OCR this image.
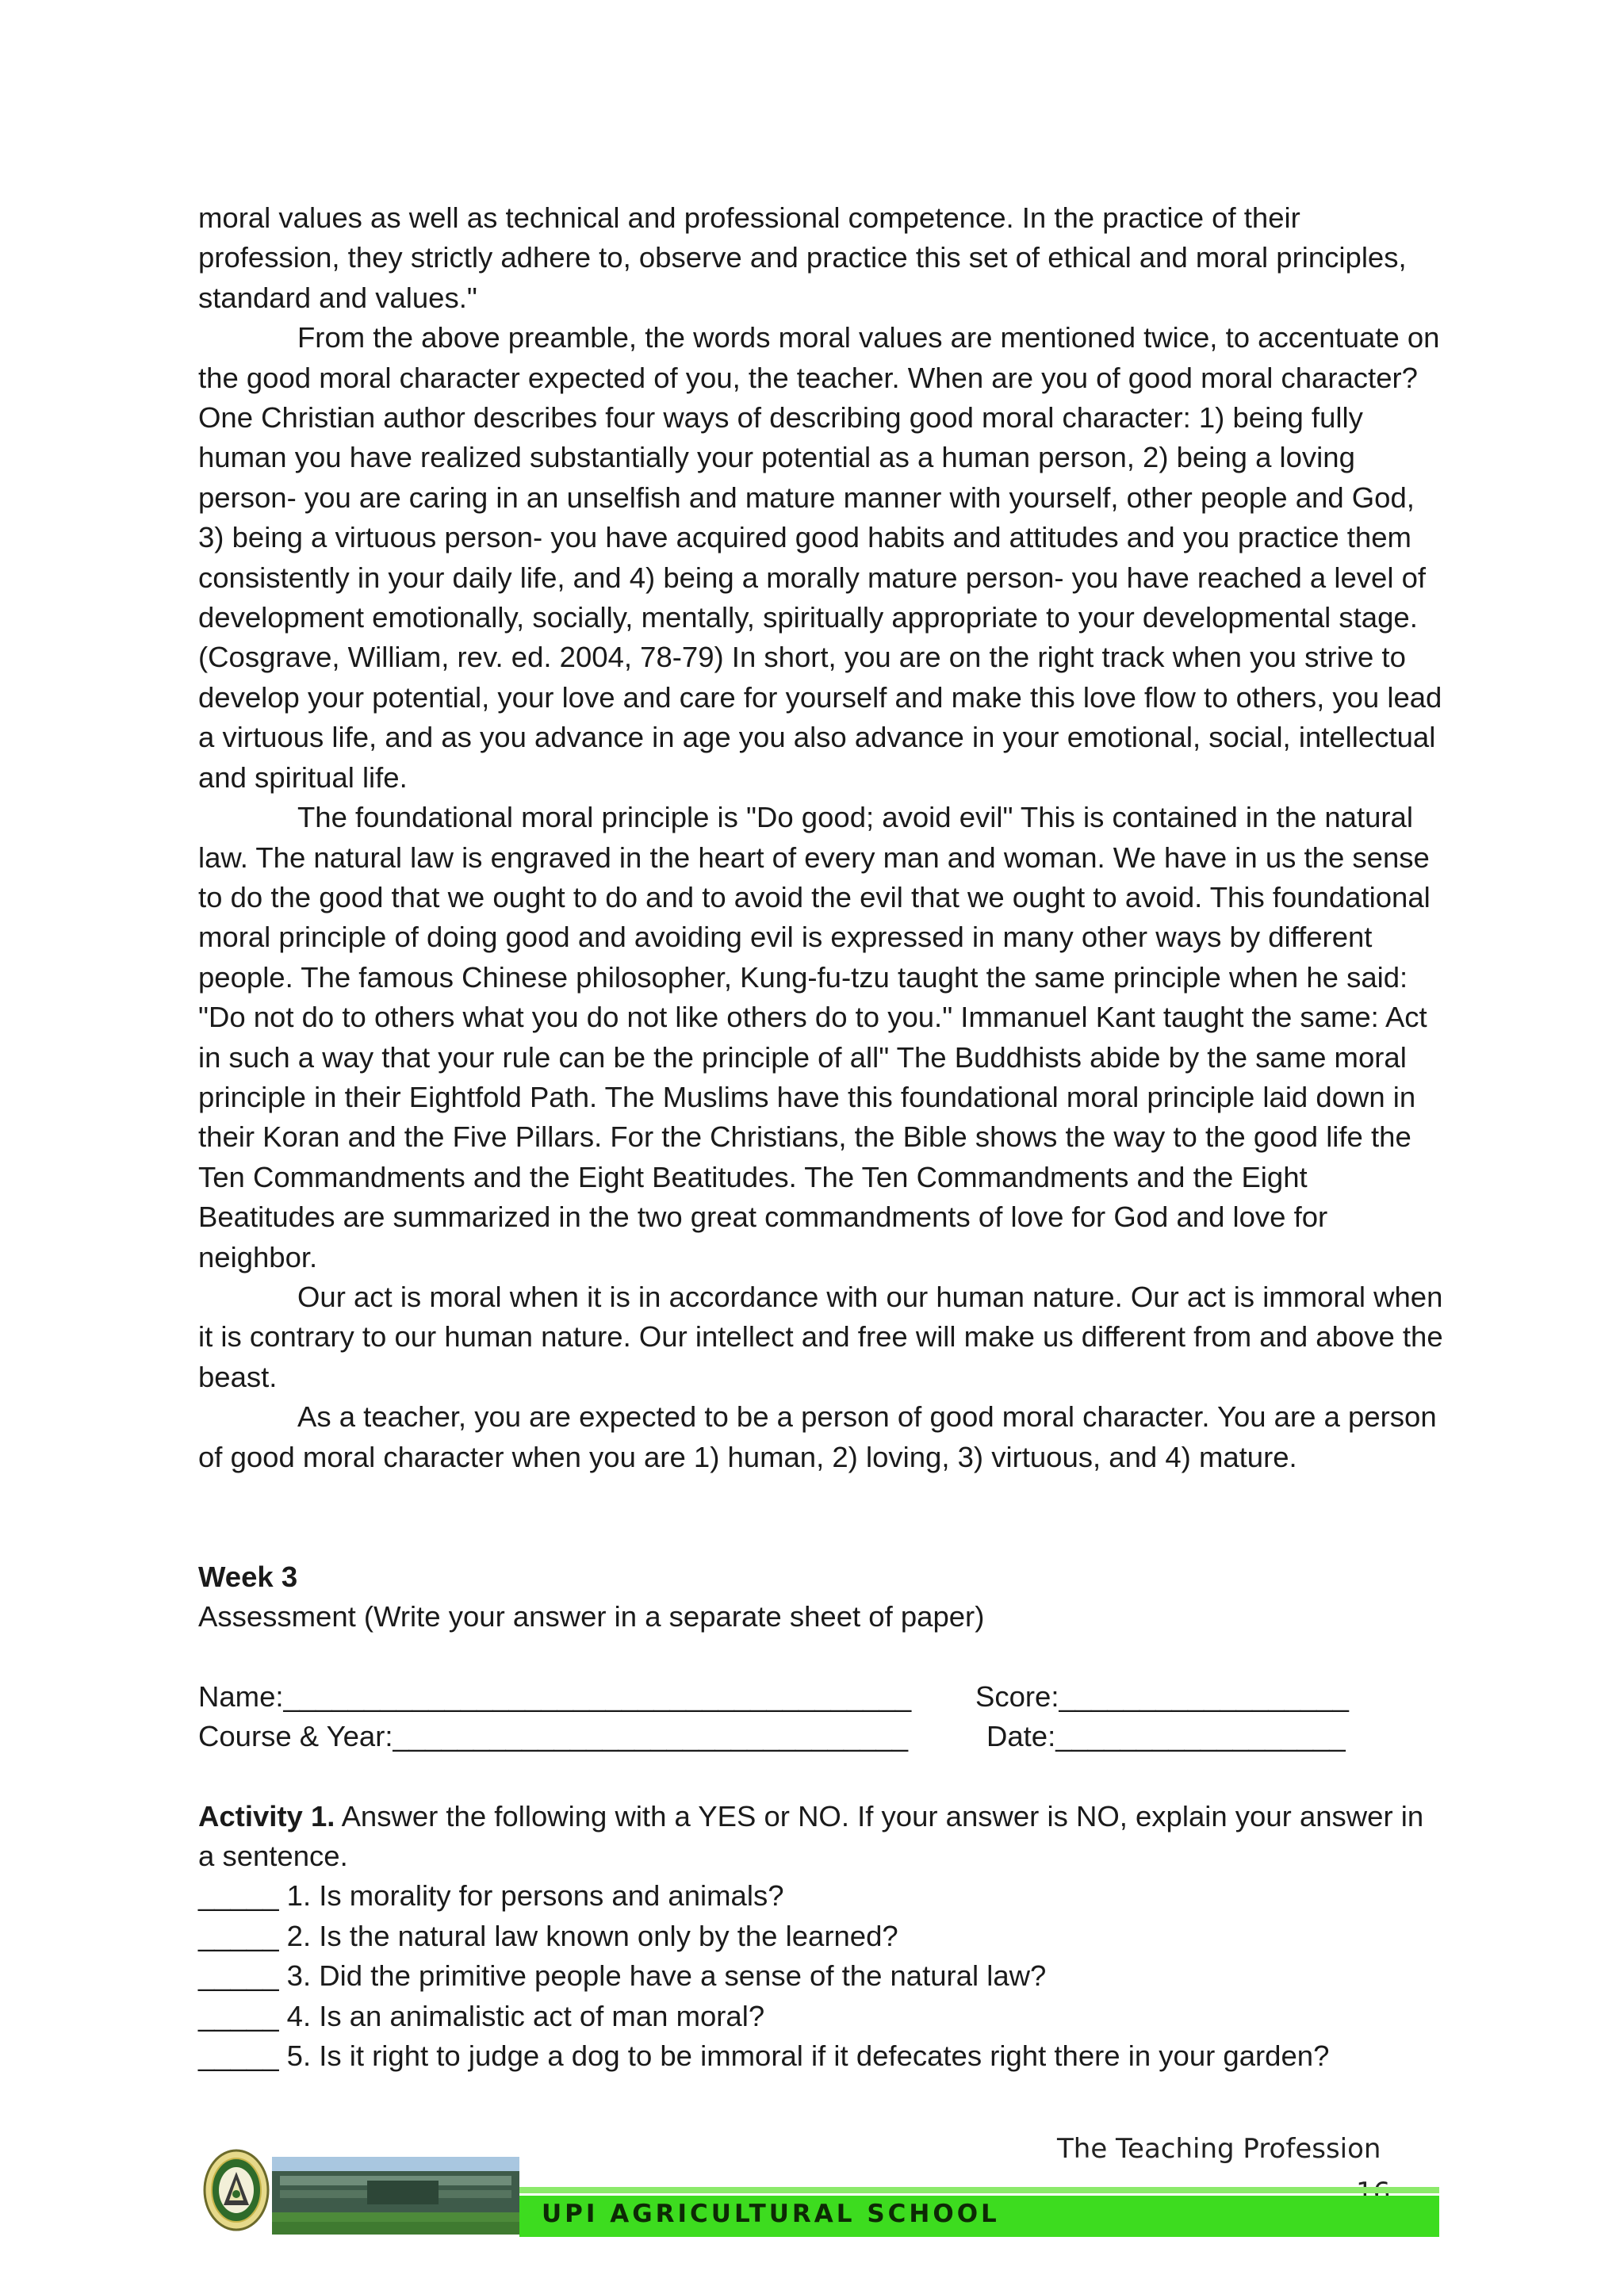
moral values as well as technical and professional competence. In the practice of their profession, they strictly adhere to, observe and practice this set of ethical and moral principles, standard and values."

From the above preamble, the words moral values are mentioned twice, to accentuate on the good moral character expected of you, the teacher. When are you of good moral character? One Christian author describes four ways of describing good moral character: 1) being fully human you have realized substantially your potential as a human person, 2) being a loving person- you are caring in an unselfish and mature manner with yourself, other people and God, 3) being a virtuous person- you have acquired good habits and attitudes and you practice them consistently in your daily life, and 4) being a morally mature person- you have reached a level of development emotionally, socially, mentally, spiritually appropriate to your developmental stage. (Cosgrave, William, rev. ed. 2004, 78-79) In short, you are on the right track when you strive to develop your potential, your love and care for yourself and make this love flow to others, you lead a virtuous life, and as you advance in age you also advance in your emotional, social, intellectual and spiritual life.

The foundational moral principle is "Do good; avoid evil" This is contained in the natural law. The natural law is engraved in the heart of every man and woman. We have in us the sense to do the good that we ought to do and to avoid the evil that we ought to avoid. This foundational moral principle of doing good and avoiding evil is expressed in many other ways by different people. The famous Chinese philosopher, Kung-fu-tzu taught the same principle when he said: "Do not do to others what you do not like others do to you." Immanuel Kant taught the same: Act in such a way that your rule can be the principle of all" The Buddhists abide by the same moral principle in their Eightfold Path. The Muslims have this foundational moral principle laid down in their Koran and the Five Pillars. For the Christians, the Bible shows the way to the good life the Ten Commandments and the Eight Beatitudes. The Ten Commandments and the Eight Beatitudes are summarized in the two great commandments of love for God and love for neighbor.

Our act is moral when it is in accordance with our human nature. Our act is immoral when it is contrary to our human nature. Our intellect and free will make us different from and above the beast.

As a teacher, you are expected to be a person of good moral character. You are a person of good moral character when you are 1) human, 2) loving, 3) virtuous, and 4) mature.

Week 3

Assessment (Write your answer in a separate sheet of paper)

Name:_______________________________________	Score:__________________
Course & Year:________________________________	Date:__________________

Activity 1. Answer the following with a YES or NO. If your answer is NO, explain your answer in a sentence.

_____ 1. Is morality for persons and animals?

_____ 2. Is the natural law known only by the learned?

_____ 3. Did the primitive people have a sense of the natural law?

_____ 4. Is an animalistic act of man moral?

_____ 5. Is it right to judge a dog to be immoral if it defecates right there in your garden?

The Teaching Profession
UPI AGRICULTURAL SCHOOL
